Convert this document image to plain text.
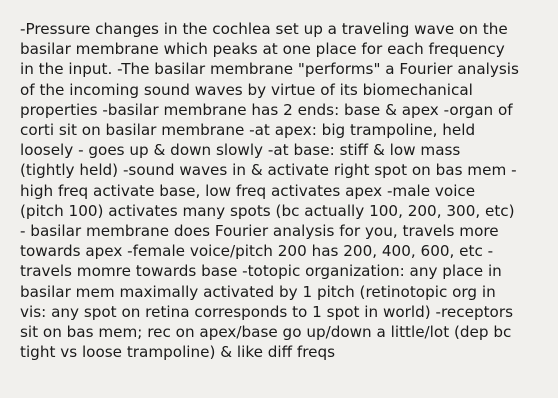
-Pressure changes in the cochlea set up a traveling wave on the
basilar membrane which peaks at one place for each frequency
in the input. -The basilar membrane "performs" a Fourier analysis
of the incoming sound waves by virtue of its biomechanical
properties -basilar membrane has 2 ends: base & apex -organ of
corti sit on basilar membrane -at apex: big trampoline, held
loosely - goes up & down slowly -at base: stiff & low mass
(tightly held) -sound waves in & activate right spot on bas mem -
high freq activate base, low freq activates apex -male voice
(pitch 100) activates many spots (bc actually 100, 200, 300, etc)
- basilar membrane does Fourier analysis for you, travels more
towards apex -female voice/pitch 200 has 200, 400, 600, etc -
travels momre towards base -totopic organization: any place in
basilar mem maximally activated by 1 pitch (retinotopic org in
vis: any spot on retina corresponds to 1 spot in world) -receptors
sit on bas mem; rec on apex/base go up/down a little/lot (dep bc
tight vs loose trampoline) & like diff freqs
